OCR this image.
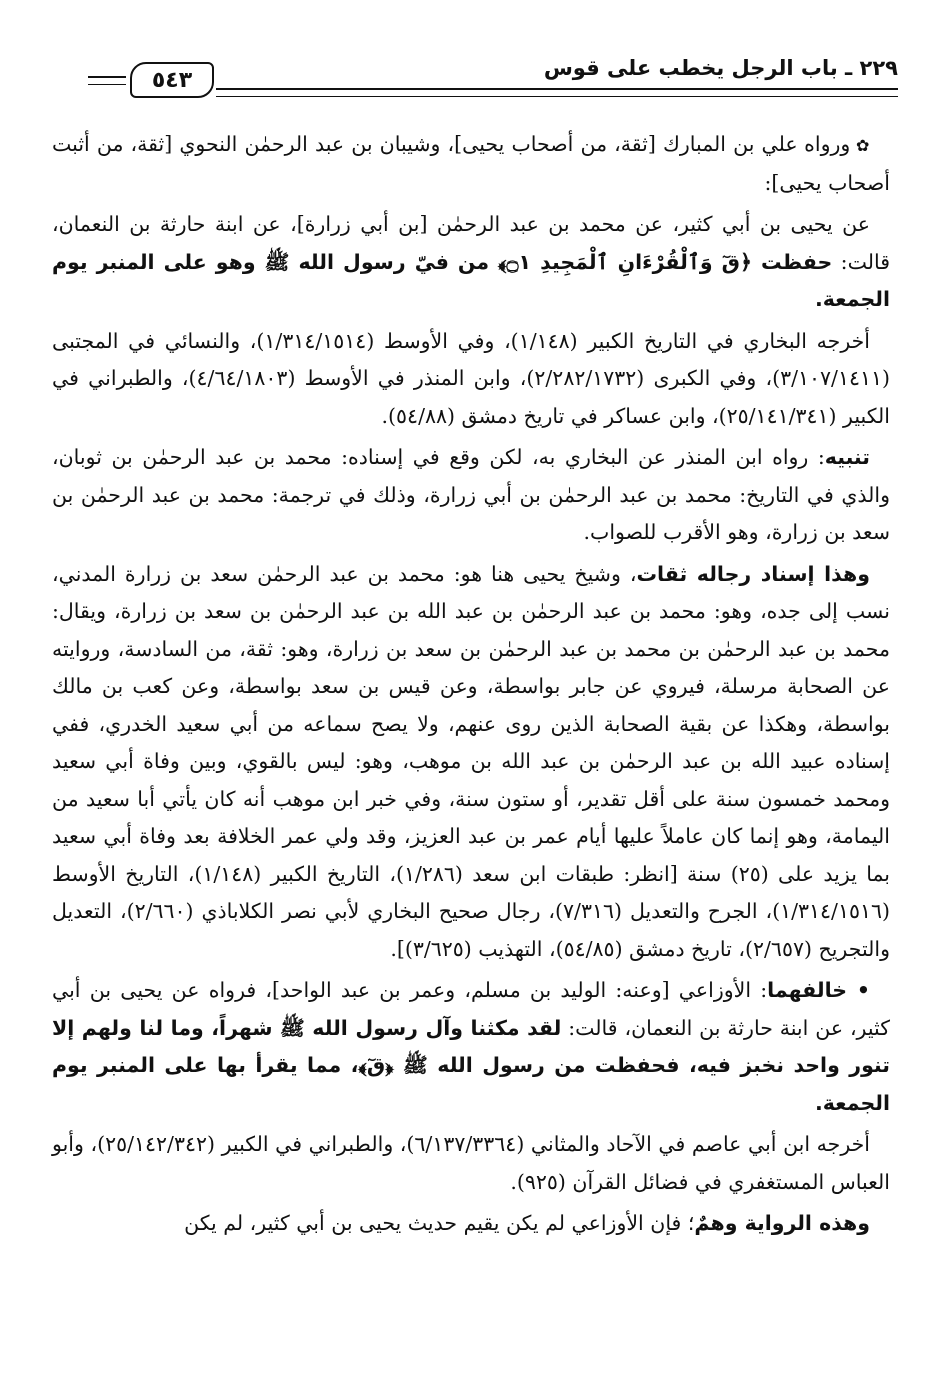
٢٢٩ ـ باب الرجل يخطب على قوس
٥٤٣

✿ ورواه علي بن المبارك [ثقة، من أصحاب يحيى]، وشيبان بن عبد الرحمٰن النحوي [ثقة، من أثبت أصحاب يحيى]:

عن يحيى بن أبي كثير، عن محمد بن عبد الرحمٰن [بن أبي زرارة]، عن ابنة حارثة بن النعمان، قالت: حفظت ﴿قٓ وَٱلْقُرْءَانِ ٱلْمَجِيدِ ۝١﴾ من فيّ رسول الله ﷺ وهو على المنبر يوم الجمعة.

أخرجه البخاري في التاريخ الكبير (١/١٤٨)، وفي الأوسط (١/٣١٤/١٥١٤)، والنسائي في المجتبى (٣/١٠٧/١٤١١)، وفي الكبرى (٢/٢٨٢/١٧٣٢)، وابن المنذر في الأوسط (٤/٦٤/١٨٠٣)، والطبراني في الكبير (٢٥/١٤١/٣٤١)، وابن عساكر في تاريخ دمشق (٥٤/٨٨).

تنبيه: رواه ابن المنذر عن البخاري به، لكن وقع في إسناده: محمد بن عبد الرحمٰن بن ثوبان، والذي في التاريخ: محمد بن عبد الرحمٰن بن أبي زرارة، وذلك في ترجمة: محمد بن عبد الرحمٰن بن سعد بن زرارة، وهو الأقرب للصواب.

وهذا إسناد رجاله ثقات، وشيخ يحيى هنا هو: محمد بن عبد الرحمٰن سعد بن زرارة المدني، نسب إلى جده، وهو: محمد بن عبد الرحمٰن بن عبد الله بن عبد الرحمٰن بن سعد بن زرارة، ويقال: محمد بن عبد الرحمٰن بن محمد بن عبد الرحمٰن بن سعد بن زرارة، وهو: ثقة، من السادسة، وروايته عن الصحابة مرسلة، فيروي عن جابر بواسطة، وعن قيس بن سعد بواسطة، وعن كعب بن مالك بواسطة، وهكذا عن بقية الصحابة الذين روى عنهم، ولا يصح سماعه من أبي سعيد الخدري، ففي إسناده عبيد الله بن عبد الرحمٰن بن عبد الله بن موهب، وهو: ليس بالقوي، وبين وفاة أبي سعيد ومحمد خمسون سنة على أقل تقدير، أو ستون سنة، وفي خبر ابن موهب أنه كان يأتي أبا سعيد من اليمامة، وهو إنما كان عاملاً عليها أيام عمر بن عبد العزيز، وقد ولي عمر الخلافة بعد وفاة أبي سعيد بما يزيد على (٢٥) سنة [انظر: طبقات ابن سعد (١/٢٨٦)، التاريخ الكبير (١/١٤٨)، التاريخ الأوسط (١/٣١٤/١٥١٦)، الجرح والتعديل (٧/٣١٦)، رجال صحيح البخاري لأبي نصر الكلاباذي (٢/٦٦٠)، التعديل والتجريح (٢/٦٥٧)، تاريخ دمشق (٥٤/٨٥)، التهذيب (٣/٦٢٥)].

• خالفهما: الأوزاعي [وعنه: الوليد بن مسلم، وعمر بن عبد الواحد]، فرواه عن يحيى بن أبي كثير، عن ابنة حارثة بن النعمان، قالت: لقد مكثنا وآل رسول الله ﷺ شهراً، وما لنا ولهم إلا تنور واحد نخبز فيه، فحفظت من رسول الله ﷺ ﴿قٓ﴾، مما يقرأ بها على المنبر يوم الجمعة.

أخرجه ابن أبي عاصم في الآحاد والمثاني (٦/١٣٧/٣٣٦٤)، والطبراني في الكبير (٢٥/١٤٢/٣٤٢)، وأبو العباس المستغفري في فضائل القرآن (٩٢٥).

وهذه الرواية وهمٌ؛ فإن الأوزاعي لم يكن يقيم حديث يحيى بن أبي كثير، لم يكن
